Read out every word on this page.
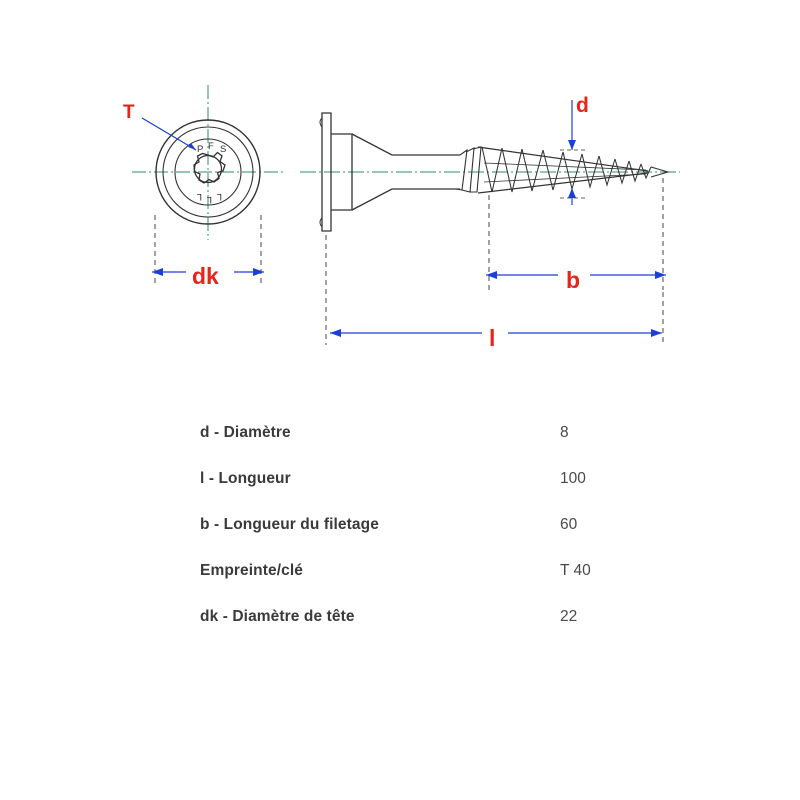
P F S
L L L
T
dk
d
b
l
d - Diamètre	8
l - Longueur	100
b - Longueur du filetage	60
Empreinte/clé	T 40
dk - Diamètre de tête	22
